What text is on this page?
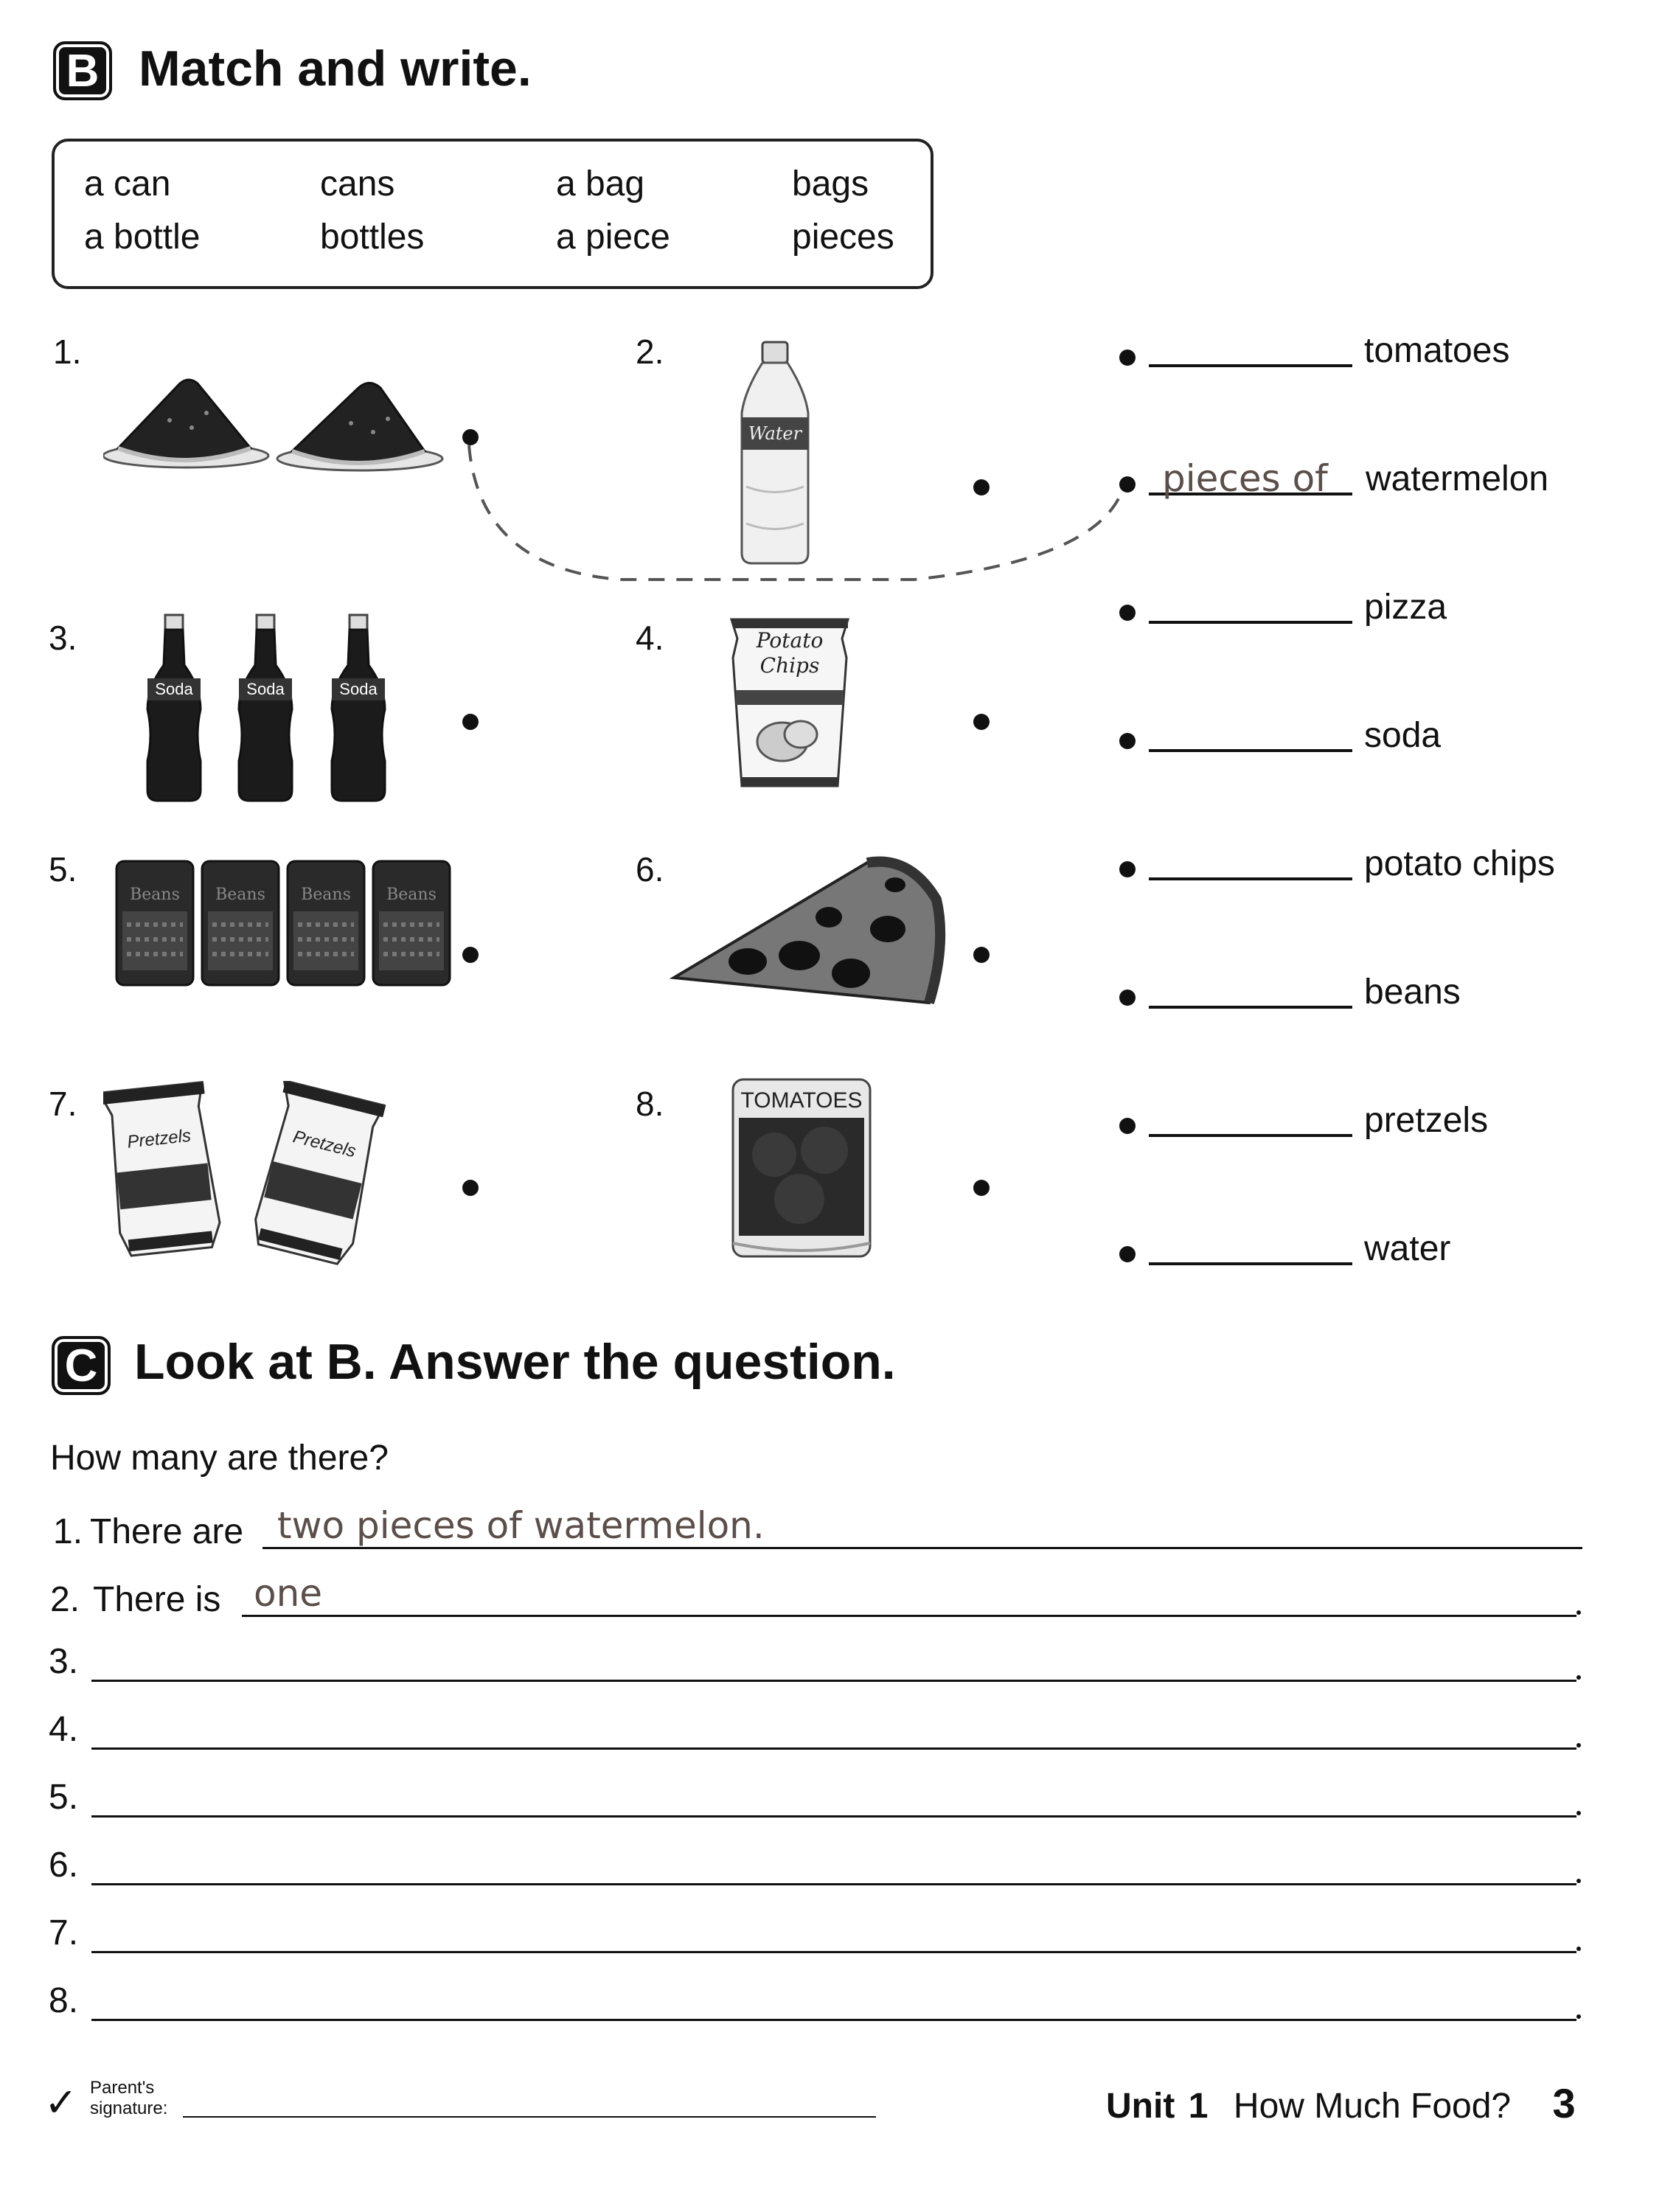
B Match and write.
a can	cans	a bag	bags
a bottle	bottles	a piece	pieces
1.	2.
3.	4.
5.	6.
7.	8.
Water
Soda	Soda	Soda
Potato
Chips
Beans Beans Beans Beans
Pretzels	Pretzels
TOMATOES
tomatoes
pieces of watermelon
pizza
soda
potato chips
beans
pretzels
water
C Look at B. Answer the question.
How many are there?
1. There are two pieces of watermelon.
2. There is one
3.
4.
5.
6.
7.
8.
✓ Parent's
signature:	Unit 1 How Much Food? 3
